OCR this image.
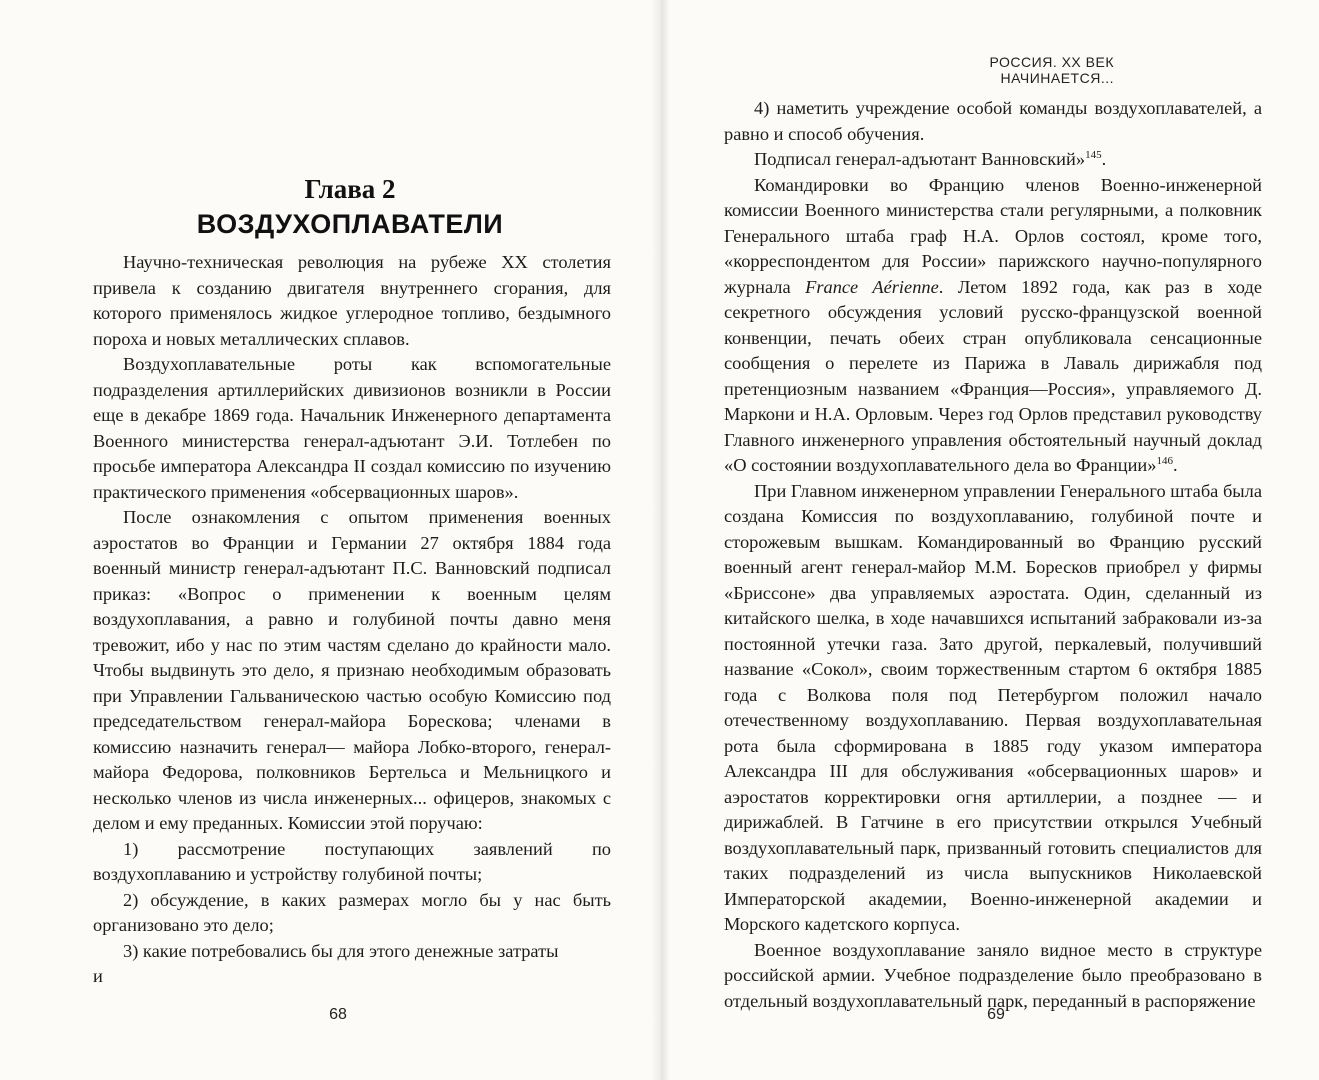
Глава 2
ВОЗДУХОПЛАВАТЕЛИ

Научно-техническая революция на рубеже XX столетия привела к созданию двигателя внутреннего сгорания, для которого применялось жидкое углеродное топливо, бездымного пороха и новых металлических сплавов.

Воздухоплавательные роты как вспомогательные подразделения артиллерийских дивизионов возникли в России еще в декабре 1869 года. Начальник Инженерного департамента Военного министерства генерал-адъютант Э.И. Тотлебен по просьбе императора Александра II создал комиссию по изучению практического применения «обсервационных шаров».

После ознакомления с опытом применения военных аэростатов во Франции и Германии 27 октября 1884 года военный министр генерал-адъютант П.С. Ванновский подписал приказ: «Вопрос о применении к военным целям воздухоплавания, а равно и голубиной почты давно меня тревожит, ибо у нас по этим частям сделано до крайности мало. Чтобы выдвинуть это дело, я признаю необходимым образовать при Управлении Гальваническою частью особую Комиссию под председательством генерал-майора Борескова; членами в комиссию назначить генерал— майора Лобко-второго, генерал-майора Федорова, полковников Бертельса и Мельницкого и несколько членов из числа инженерных... офицеров, знакомых с делом и ему преданных. Комиссии этой поручаю:

1) рассмотрение поступающих заявлений по воздухоплаванию и устройству голубиной почты;

2) обсуждение, в каких размерах могло бы у нас быть организовано это дело;

3) какие потребовались бы для этого денежные затраты

и

68
РОССИЯ. XX ВЕК НАЧИНАЕТСЯ...

4) наметить учреждение особой команды воздухоплавателей, а равно и способ обучения.

Подписал генерал-адъютант Ванновский»$^{145}$.

Командировки во Францию членов Военно-инженерной комиссии Военного министерства стали регулярными, а полковник Генерального штаба граф Н.А. Орлов состоял, кроме того, «корреспондентом для России» парижского научно-популярного журнала France Aérienne. Летом 1892 года, как раз в ходе секретного обсуждения условий русско-французской военной конвенции, печать обеих стран опубликовала сенсационные сообщения о перелете из Парижа в Лаваль дирижабля под претенциозным названием «Франция—Россия», управляемого Д. Маркони и Н.А. Орловым. Через год Орлов представил руководству Главного инженерного управления обстоятельный научный доклад «О состоянии воздухоплавательного дела во Франции»$^{146}$.

При Главном инженерном управлении Генерального штаба была создана Комиссия по воздухоплаванию, голубиной почте и сторожевым вышкам. Командированный во Францию русский военный агент генерал-майор М.М. Боресков приобрел у фирмы «Бриссоне» два управляемых аэростата. Один, сделанный из китайского шелка, в ходе начавшихся испытаний забраковали из-за постоянной утечки газа. Зато другой, перкалевый, получивший название «Сокол», своим торжественным стартом 6 октября 1885 года с Волкова поля под Петербургом положил начало отечественному воздухоплаванию. Первая воздухоплавательная рота была сформирована в 1885 году указом императора Александра III для обслуживания «обсервационных шаров» и аэростатов корректировки огня артиллерии, а позднее — и дирижаблей. В Гатчине в его присутствии открылся Учебный воздухоплавательный парк, призванный готовить специалистов для таких подразделений из числа выпускников Николаевской Императорской академии, Военно-инженерной академии и Морского кадетского корпуса.

Военное воздухоплавание заняло видное место в структуре российской армии. Учебное подразделение было преобразовано в отдельный воздухоплавательный парк, переданный в распоряжение

69
